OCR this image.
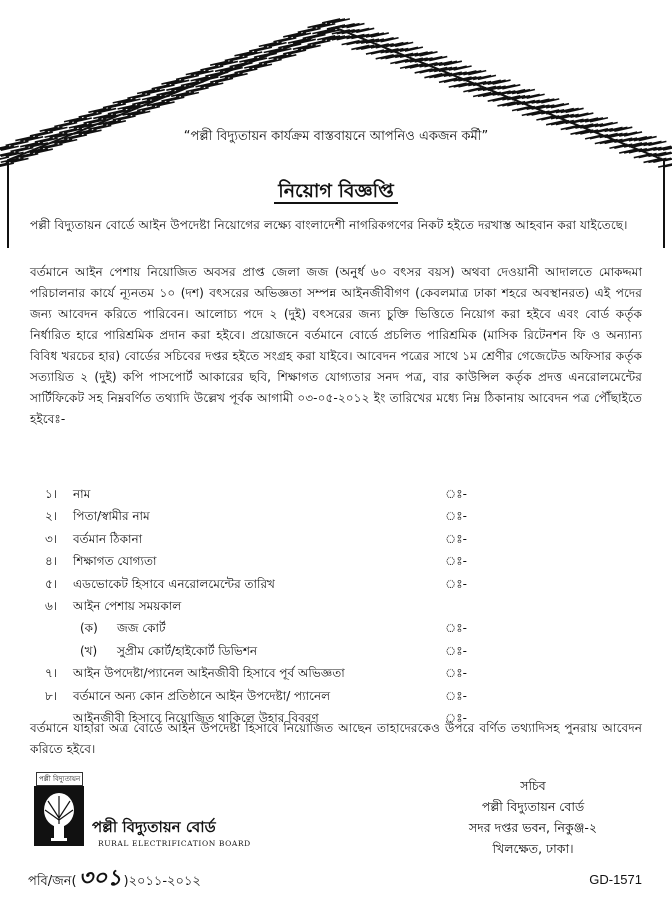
“পল্লী বিদ্যুতায়ন কার্যক্রম বাস্তবায়নে আপনিও একজন কর্মী”
নিয়োগ বিজ্ঞপ্তি
পল্লী বিদ্যুতায়ন বোর্ডে আইন উপদেষ্টা নিয়োগের লক্ষ্যে বাংলাদেশী নাগরিকগণের নিকট হইতে দরখাস্ত আহবান করা যাইতেছে।
বর্তমানে আইন পেশায় নিয়োজিত অবসর প্রাপ্ত জেলা জজ (অনুর্ধ ৬০ বৎসর বয়স) অথবা দেওয়ানী আদালতে মোকদ্দমা পরিচালনার কার্যে ন্যূনতম ১০ (দশ) বৎসরের অভিজ্ঞতা সম্পন্ন আইনজীবীগণ (কেবলমাত্র ঢাকা শহরে অবস্থানরত) এই পদের জন্য আবেদন করিতে পারিবেন। আলোচ্য পদে ২ (দুই) বৎসরের জন্য চুক্তি ভিত্তিতে নিয়োগ করা হইবে এবং বোর্ড কর্তৃক নির্ধারিত হারে পারিশ্রমিক প্রদান করা হইবে। প্রয়োজনে বর্তমানে বোর্ডে প্রচলিত পারিশ্রমিক (মাসিক রিটেনশন ফি ও অন্যান্য বিবিধ খরচের হার) বোর্ডের সচিবের দপ্তর হইতে সংগ্রহ করা যাইবে। আবেদন পত্রের সাথে ১ম শ্রেণীর গেজেটেড অফিসার কর্তৃক সত্যায়িত ২ (দুই) কপি পাসপোর্ট আকারের ছবি, শিক্ষাগত যোগ্যতার সনদ পত্র, বার কাউন্সিল কর্তৃক প্রদত্ত এনরোলমেন্টের সার্টিফিকেট সহ নিম্নবর্ণিত তথ্যাদি উল্লেখ পূর্বক আগামী ০৩-০৫-২০১২ ইং তারিখের মধ্যে নিম্ন ঠিকানায় আবেদন পত্র পৌঁছাইতে হইবেঃ-
১।	নাম	ঃ-
২।	পিতা/স্বামীর নাম	ঃ-
৩।	বর্তমান ঠিকানা	ঃ-
৪।	শিক্ষাগত যোগ্যতা	ঃ-
৫।	এডভোকেট হিসাবে এনরোলমেন্টের তারিখ	ঃ-
৬।	আইন পেশায় সময়কাল
(ক) জজ কোর্ট	ঃ-
(খ) সুপ্রীম কোর্ট/হাইকোর্ট ডিভিশন	ঃ-
৭।	আইন উপদেষ্টা/প্যানেল আইনজীবী হিসাবে পূর্ব অভিজ্ঞতা	ঃ-
৮।	বর্তমানে অন্য কোন প্রতিষ্ঠানে আইন উপদেষ্টা/ প্যানেল	ঃ-
আইনজীবী হিসাবে নিয়োজিত থাকিলে উহার বিবরণ	ঃ-
বর্তমানে যাহারা অত্র বোর্ডে আইন উপদেষ্টা হিসাবে নিয়োজিত আছেন তাহাদেরকেও উপরে বর্ণিত তথ্যাদিসহ পুনরায় আবেদন করিতে হইবে।
সচিব
পল্লী বিদ্যুতায়ন বোর্ড
সদর দপ্তর ভবন, নিকুঞ্জ-২
খিলক্ষেত, ঢাকা।
পল্লী বিদ্যুতায়ন
পল্লী বিদ্যুতায়ন বোর্ড
RURAL ELECTRIFICATION BOARD
পবি/জন(৩০১ )২০১১-২০১২	GD-1571
